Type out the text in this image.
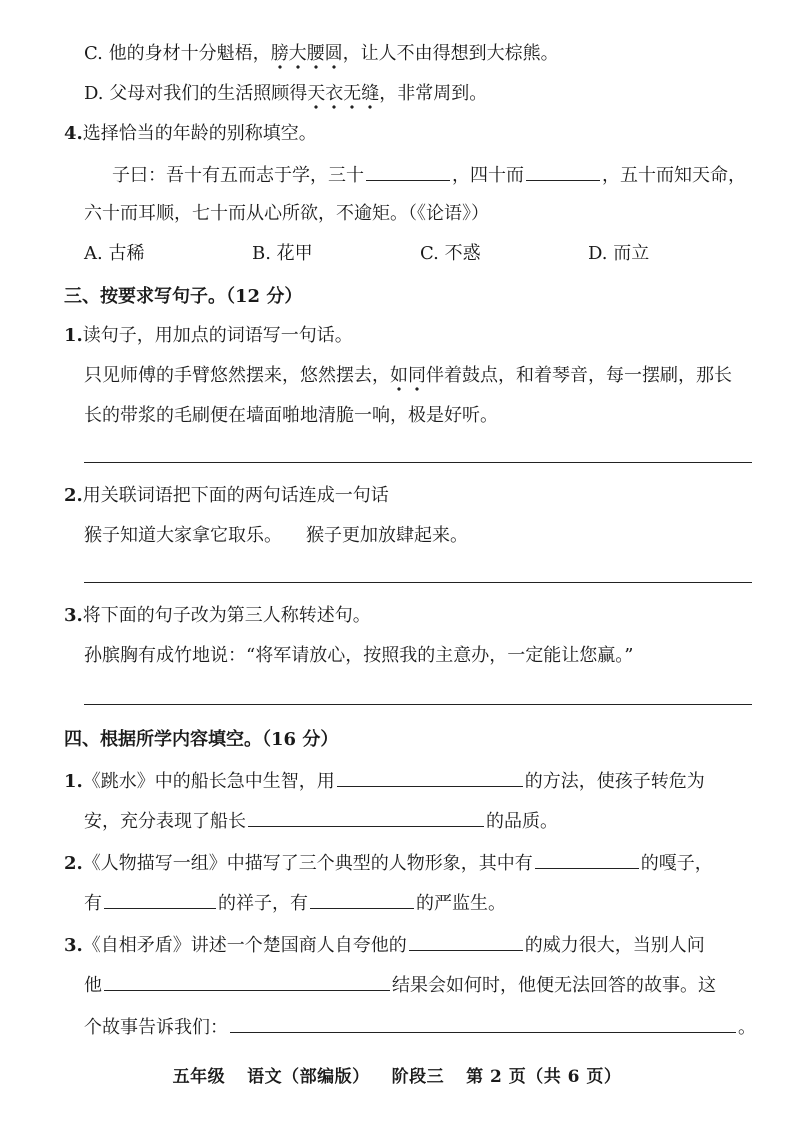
C. 他的身材十分魁梧，膀大腰圆，让人不由得想到大棕熊。
D. 父母对我们的生活照顾得天衣无缝，非常周到。
4.选择恰当的年龄的别称填空。
子曰：吾十有五而志于学，三十	，四十而	，五十而知天命，
六十而耳顺，七十而从心所欲，不逾矩。（《论语》）
A. 古稀	B. 花甲	C. 不惑	D. 而立
三、按要求写句子。（12 分）
1.读句子，用加点的词语写一句话。
只见师傅的手臂悠然摆来，悠然摆去，如同伴着鼓点，和着琴音，每一摆刷，那长
长的带浆的毛刷便在墙面啪地清脆一响，极是好听。
2.用关联词语把下面的两句话连成一句话
猴子知道大家拿它取乐。 猴子更加放肆起来。
3.将下面的句子改为第三人称转述句。
孙膑胸有成竹地说：“将军请放心，按照我的主意办，一定能让您赢。”
四、根据所学内容填空。（16 分）
1.《跳水》中的船长急中生智，用	的方法，使孩子转危为
安，充分表现了船长	的品质。
2.《人物描写一组》中描写了三个典型的人物形象，其中有	的嘎子，
有	的祥子，有	的严监生。
3.《自相矛盾》讲述一个楚国商人自夸他的	的威力很大，当别人问
他	结果会如何时，他便无法回答的故事。这
个故事告诉我们：	。
五年级 语文（部编版） 阶段三 第 2 页（共 6 页）
